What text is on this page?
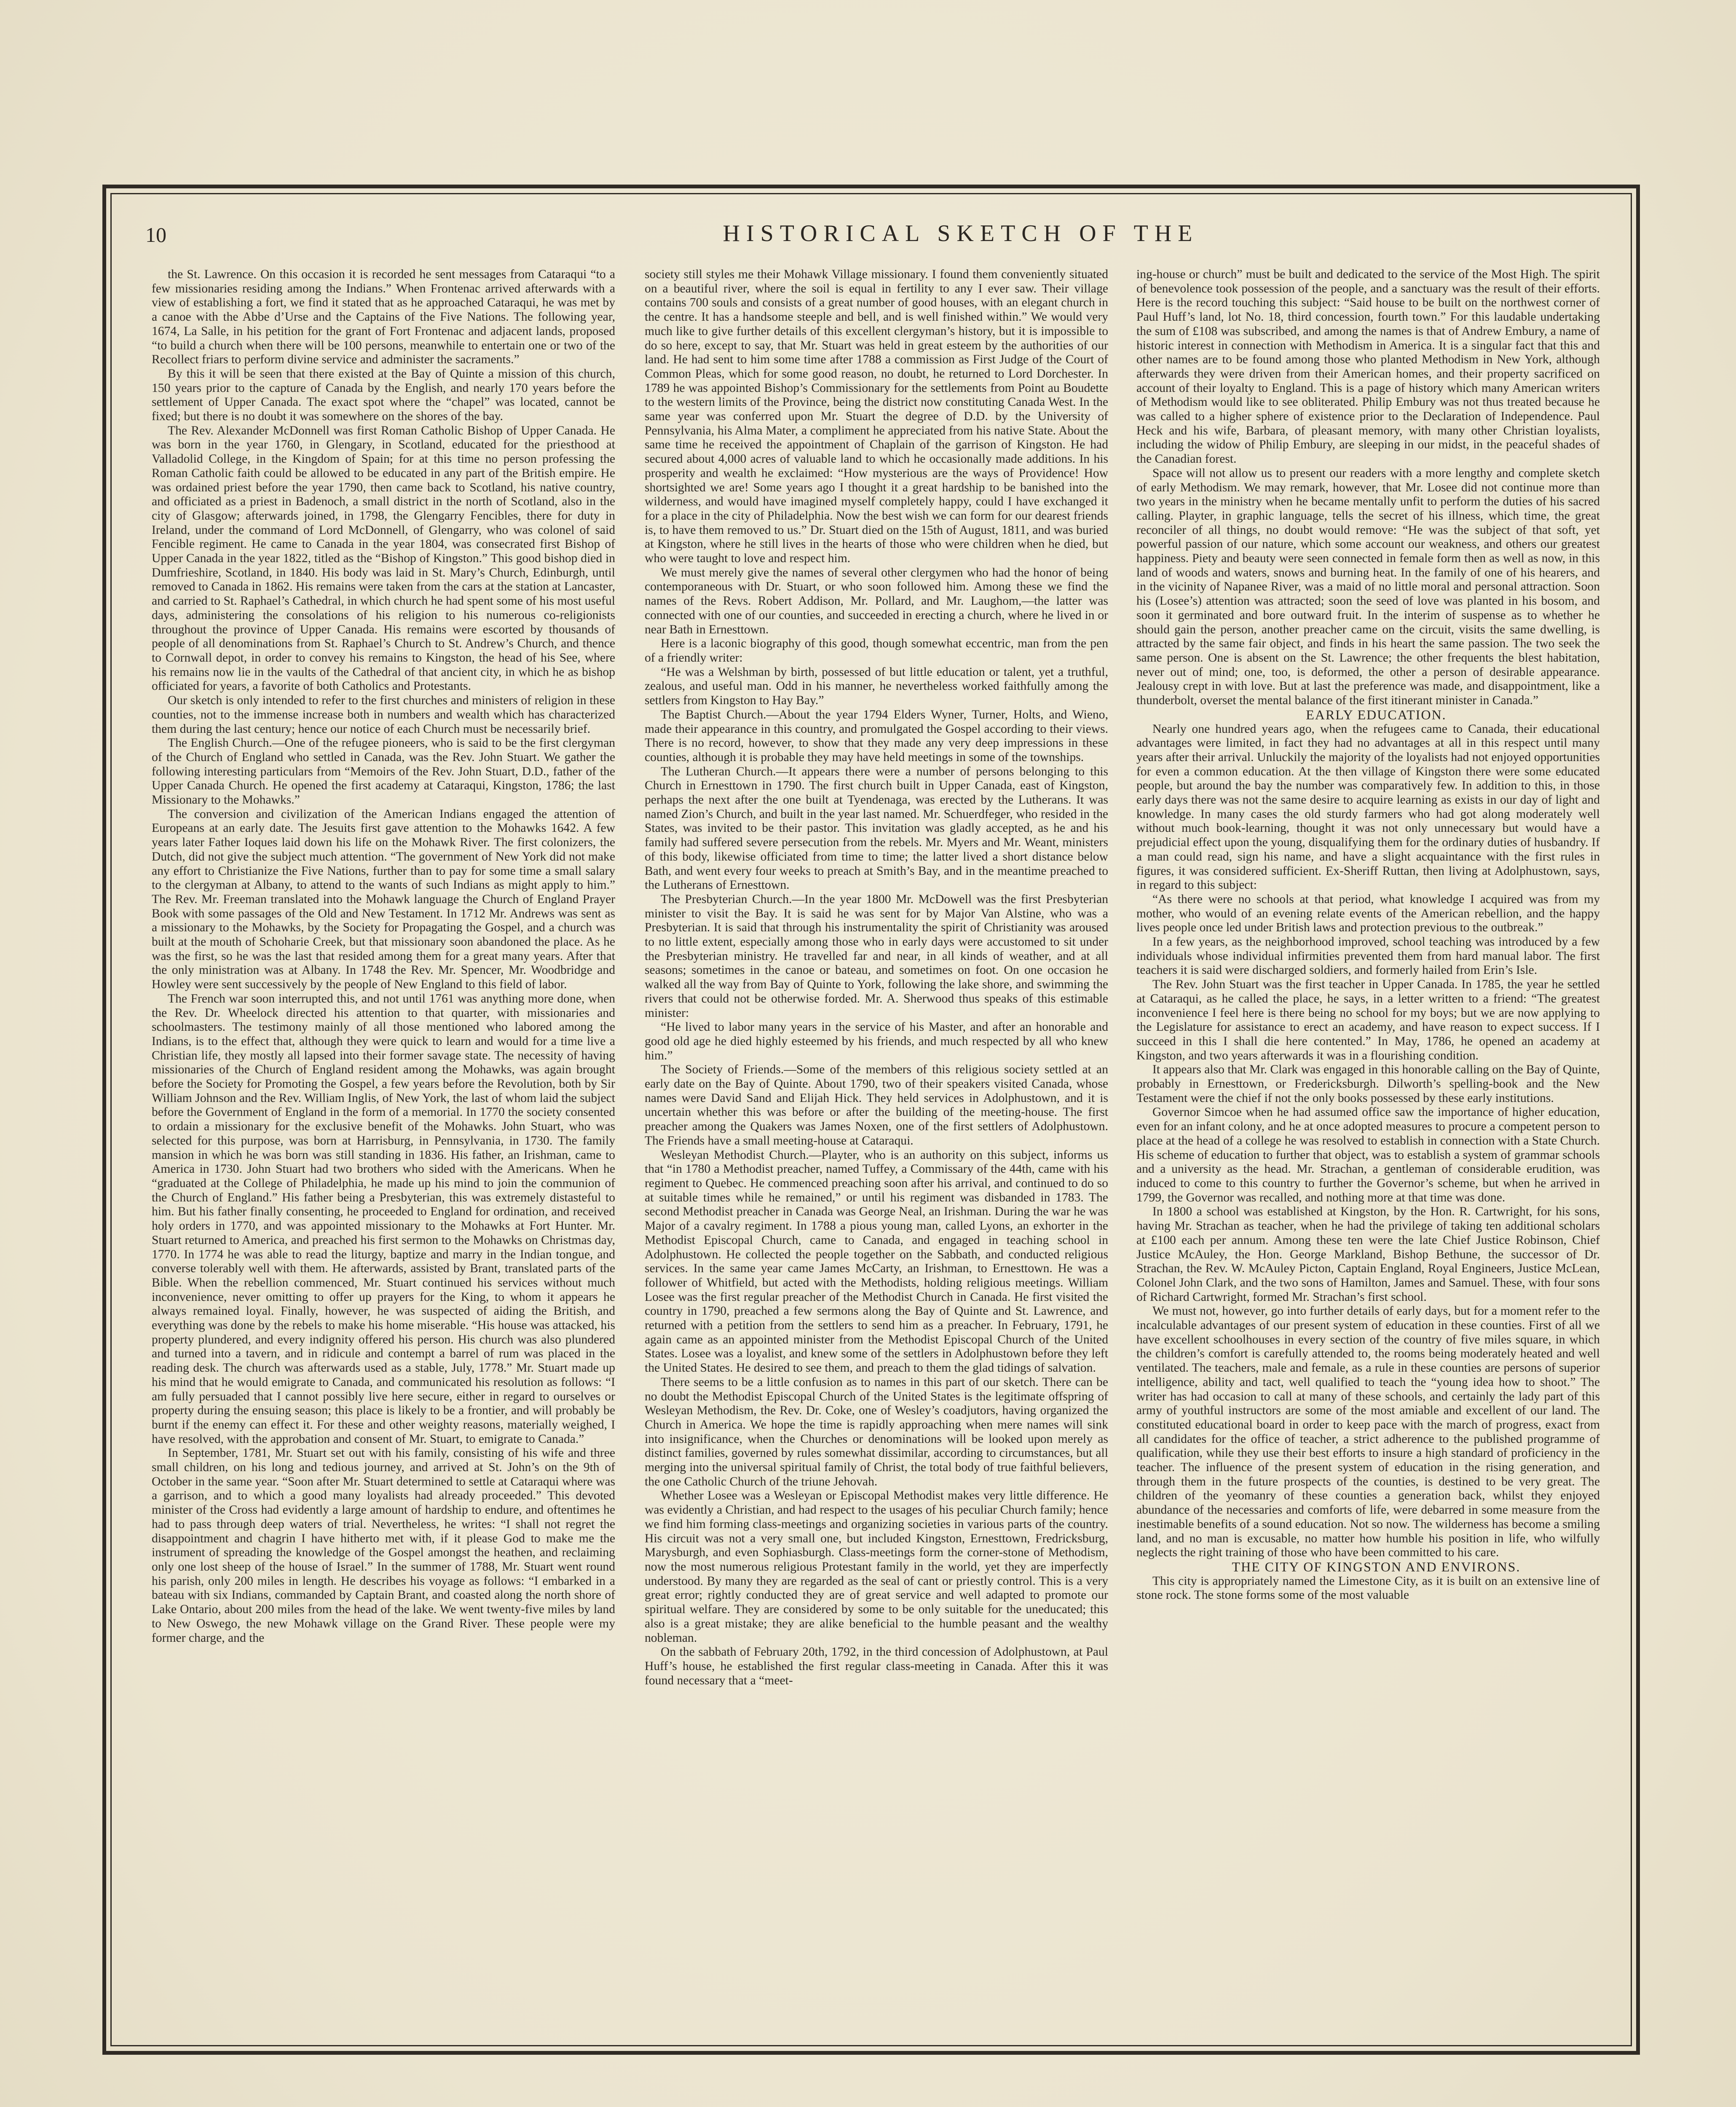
10	HISTORICAL SKETCH OF THE

the St. Lawrence. On this occasion it is recorded he sent messages from Cataraqui “to a few missionaries residing among the Indians.” When Frontenac arrived afterwards with a view of establishing a fort, we find it stated that as he approached Cataraqui, he was met by a canoe with the Abbe d’Urse and the Captains of the Five Nations. The following year, 1674, La Salle, in his petition for the grant of Fort Frontenac and adjacent lands, proposed “to build a church when there will be 100 persons, meanwhile to entertain one or two of the Recollect friars to perform divine service and administer the sacraments.”

By this it will be seen that there existed at the Bay of Quinte a mission of this church, 150 years prior to the capture of Canada by the English, and nearly 170 years before the settlement of Upper Canada. The exact spot where the “chapel” was located, cannot be fixed; but there is no doubt it was somewhere on the shores of the bay.

The Rev. Alexander McDonnell was first Roman Catholic Bishop of Upper Canada. He was born in the year 1760, in Glengary, in Scotland, educated for the priesthood at Valladolid College, in the Kingdom of Spain; for at this time no person professing the Roman Catholic faith could be allowed to be educated in any part of the British empire. He was ordained priest before the year 1790, then came back to Scotland, his native country, and officiated as a priest in Badenoch, a small district in the north of Scotland, also in the city of Glasgow; afterwards joined, in 1798, the Glengarry Fencibles, there for duty in Ireland, under the command of Lord McDonnell, of Glengarry, who was colonel of said Fencible regiment. He came to Canada in the year 1804, was consecrated first Bishop of Upper Canada in the year 1822, titled as the “Bishop of Kingston.” This good bishop died in Dumfrieshire, Scotland, in 1840. His body was laid in St. Mary’s Church, Edinburgh, until removed to Canada in 1862. His remains were taken from the cars at the station at Lancaster, and carried to St. Raphael’s Cathedral, in which church he had spent some of his most useful days, administering the consolations of his religion to his numerous co-religionists throughout the province of Upper Canada. His remains were escorted by thousands of people of all denominations from St. Raphael’s Church to St. Andrew’s Church, and thence to Cornwall depot, in order to convey his remains to Kingston, the head of his See, where his remains now lie in the vaults of the Cathedral of that ancient city, in which he as bishop officiated for years, a favorite of both Catholics and Protestants.

Our sketch is only intended to refer to the first churches and ministers of religion in these counties, not to the immense increase both in numbers and wealth which has characterized them during the last century; hence our notice of each Church must be necessarily brief.

The English Church.—One of the refugee pioneers, who is said to be the first clergyman of the Church of England who settled in Canada, was the Rev. John Stuart. We gather the following interesting particulars from “Memoirs of the Rev. John Stuart, D.D., father of the Upper Canada Church. He opened the first academy at Cataraqui, Kingston, 1786; the last Missionary to the Mohawks.”

The conversion and civilization of the American Indians engaged the attention of Europeans at an early date. The Jesuits first gave attention to the Mohawks 1642. A few years later Father Ioques laid down his life on the Mohawk River. The first colonizers, the Dutch, did not give the subject much attention. “The government of New York did not make any effort to Christianize the Five Nations, further than to pay for some time a small salary to the clergyman at Albany, to attend to the wants of such Indians as might apply to him.” The Rev. Mr. Freeman translated into the Mohawk language the Church of England Prayer Book with some passages of the Old and New Testament. In 1712 Mr. Andrews was sent as a missionary to the Mohawks, by the Society for Propagating the Gospel, and a church was built at the mouth of Schoharie Creek, but that missionary soon abandoned the place. As he was the first, so he was the last that resided among them for a great many years. After that the only ministration was at Albany. In 1748 the Rev. Mr. Spencer, Mr. Woodbridge and Howley were sent successively by the people of New England to this field of labor.

The French war soon interrupted this, and not until 1761 was anything more done, when the Rev. Dr. Wheelock directed his attention to that quarter, with missionaries and schoolmasters. The testimony mainly of all those mentioned who labored among the Indians, is to the effect that, although they were quick to learn and would for a time live a Christian life, they mostly all lapsed into their former savage state. The necessity of having missionaries of the Church of England resident among the Mohawks, was again brought before the Society for Promoting the Gospel, a few years before the Revolution, both by Sir William Johnson and the Rev. William Inglis, of New York, the last of whom laid the subject before the Government of England in the form of a memorial. In 1770 the society consented to ordain a missionary for the exclusive benefit of the Mohawks. John Stuart, who was selected for this purpose, was born at Harrisburg, in Pennsylvania, in 1730. The family mansion in which he was born was still standing in 1836. His father, an Irishman, came to America in 1730. John Stuart had two brothers who sided with the Americans. When he “graduated at the College of Philadelphia, he made up his mind to join the communion of the Church of England.” His father being a Presbyterian, this was extremely distasteful to him. But his father finally consenting, he proceeded to England for ordination, and received holy orders in 1770, and was appointed missionary to the Mohawks at Fort Hunter. Mr. Stuart returned to America, and preached his first sermon to the Mohawks on Christmas day, 1770. In 1774 he was able to read the liturgy, baptize and marry in the Indian tongue, and converse tolerably well with them. He afterwards, assisted by Brant, translated parts of the Bible. When the rebellion commenced, Mr. Stuart continued his services without much inconvenience, never omitting to offer up prayers for the King, to whom it appears he always remained loyal. Finally, however, he was suspected of aiding the British, and everything was done by the rebels to make his home miserable. “His house was attacked, his property plundered, and every indignity offered his person. His church was also plundered and turned into a tavern, and in ridicule and contempt a barrel of rum was placed in the reading desk. The church was afterwards used as a stable, July, 1778.” Mr. Stuart made up his mind that he would emigrate to Canada, and communicated his resolution as follows: “I am fully persuaded that I cannot possibly live here secure, either in regard to ourselves or property during the ensuing season; this place is likely to be a frontier, and will probably be burnt if the enemy can effect it. For these and other weighty reasons, materially weighed, I have resolved, with the approbation and consent of Mr. Stuart, to emigrate to Canada.”

In September, 1781, Mr. Stuart set out with his family, consisting of his wife and three small children, on his long and tedious journey, and arrived at St. John’s on the 9th of October in the same year. “Soon after Mr. Stuart determined to settle at Cataraqui where was a garrison, and to which a good many loyalists had already proceeded.” This devoted minister of the Cross had evidently a large amount of hardship to endure, and oftentimes he had to pass through deep waters of trial. Nevertheless, he writes: “I shall not regret the disappointment and chagrin I have hitherto met with, if it please God to make me the instrument of spreading the knowledge of the Gospel amongst the heathen, and reclaiming only one lost sheep of the house of Israel.” In the summer of 1788, Mr. Stuart went round his parish, only 200 miles in length. He describes his voyage as follows: “I embarked in a bateau with six Indians, commanded by Captain Brant, and coasted along the north shore of Lake Ontario, about 200 miles from the head of the lake. We went twenty-five miles by land to New Oswego, the new Mohawk village on the Grand River. These people were my former charge, and the

society still styles me their Mohawk Village missionary. I found them conveniently situated on a beautiful river, where the soil is equal in fertility to any I ever saw. Their village contains 700 souls and consists of a great number of good houses, with an elegant church in the centre. It has a handsome steeple and bell, and is well finished within.” We would very much like to give further details of this excellent clergyman’s history, but it is impossible to do so here, except to say, that Mr. Stuart was held in great esteem by the authorities of our land. He had sent to him some time after 1788 a commission as First Judge of the Court of Common Pleas, which for some good reason, no doubt, he returned to Lord Dorchester. In 1789 he was appointed Bishop’s Commissionary for the settlements from Point au Boudette to the western limits of the Province, being the district now constituting Canada West. In the same year was conferred upon Mr. Stuart the degree of D.D. by the University of Pennsylvania, his Alma Mater, a compliment he appreciated from his native State. About the same time he received the appointment of Chaplain of the garrison of Kingston. He had secured about 4,000 acres of valuable land to which he occasionally made additions. In his prosperity and wealth he exclaimed: “How mysterious are the ways of Providence! How shortsighted we are! Some years ago I thought it a great hardship to be banished into the wilderness, and would have imagined myself completely happy, could I have exchanged it for a place in the city of Philadelphia. Now the best wish we can form for our dearest friends is, to have them removed to us.” Dr. Stuart died on the 15th of August, 1811, and was buried at Kingston, where he still lives in the hearts of those who were children when he died, but who were taught to love and respect him.

We must merely give the names of several other clergymen who had the honor of being contemporaneous with Dr. Stuart, or who soon followed him. Among these we find the names of the Revs. Robert Addison, Mr. Pollard, and Mr. Laughom,—the latter was connected with one of our counties, and succeeded in erecting a church, where he lived in or near Bath in Ernesttown.

Here is a laconic biography of this good, though somewhat eccentric, man from the pen of a friendly writer:

“He was a Welshman by birth, possessed of but little education or talent, yet a truthful, zealous, and useful man. Odd in his manner, he nevertheless worked faithfully among the settlers from Kingston to Hay Bay.”

The Baptist Church.—About the year 1794 Elders Wyner, Turner, Holts, and Wieno, made their appearance in this country, and promulgated the Gospel according to their views. There is no record, however, to show that they made any very deep impressions in these counties, although it is probable they may have held meetings in some of the townships.

The Lutheran Church.—It appears there were a number of persons belonging to this Church in Ernesttown in 1790. The first church built in Upper Canada, east of Kingston, perhaps the next after the one built at Tyendenaga, was erected by the Lutherans. It was named Zion’s Church, and built in the year last named. Mr. Schuerdfeger, who resided in the States, was invited to be their pastor. This invitation was gladly accepted, as he and his family had suffered severe persecution from the rebels. Mr. Myers and Mr. Weant, ministers of this body, likewise officiated from time to time; the latter lived a short distance below Bath, and went every four weeks to preach at Smith’s Bay, and in the meantime preached to the Lutherans of Ernesttown.

The Presbyterian Church.—In the year 1800 Mr. McDowell was the first Presbyterian minister to visit the Bay. It is said he was sent for by Major Van Alstine, who was a Presbyterian. It is said that through his instrumentality the spirit of Christianity was aroused to no little extent, especially among those who in early days were accustomed to sit under the Presbyterian ministry. He travelled far and near, in all kinds of weather, and at all seasons; sometimes in the canoe or bateau, and sometimes on foot. On one occasion he walked all the way from Bay of Quinte to York, following the lake shore, and swimming the rivers that could not be otherwise forded. Mr. A. Sherwood thus speaks of this estimable minister:

“He lived to labor many years in the service of his Master, and after an honorable and good old age he died highly esteemed by his friends, and much respected by all who knew him.”

The Society of Friends.—Some of the members of this religious society settled at an early date on the Bay of Quinte. About 1790, two of their speakers visited Canada, whose names were David Sand and Elijah Hick. They held services in Adolphustown, and it is uncertain whether this was before or after the building of the meeting-house. The first preacher among the Quakers was James Noxen, one of the first settlers of Adolphustown. The Friends have a small meeting-house at Cataraqui.

Wesleyan Methodist Church.—Playter, who is an authority on this subject, informs us that “in 1780 a Methodist preacher, named Tuffey, a Commissary of the 44th, came with his regiment to Quebec. He commenced preaching soon after his arrival, and continued to do so at suitable times while he remained,” or until his regiment was disbanded in 1783. The second Methodist preacher in Canada was George Neal, an Irishman. During the war he was Major of a cavalry regiment. In 1788 a pious young man, called Lyons, an exhorter in the Methodist Episcopal Church, came to Canada, and engaged in teaching school in Adolphustown. He collected the people together on the Sabbath, and conducted religious services. In the same year came James McCarty, an Irishman, to Ernesttown. He was a follower of Whitfield, but acted with the Methodists, holding religious meetings. William Losee was the first regular preacher of the Methodist Church in Canada. He first visited the country in 1790, preached a few sermons along the Bay of Quinte and St. Lawrence, and returned with a petition from the settlers to send him as a preacher. In February, 1791, he again came as an appointed minister from the Methodist Episcopal Church of the United States. Losee was a loyalist, and knew some of the settlers in Adolphustown before they left the United States. He desired to see them, and preach to them the glad tidings of salvation.

There seems to be a little confusion as to names in this part of our sketch. There can be no doubt the Methodist Episcopal Church of the United States is the legitimate offspring of Wesleyan Methodism, the Rev. Dr. Coke, one of Wesley’s coadjutors, having organized the Church in America. We hope the time is rapidly approaching when mere names will sink into insignificance, when the Churches or denominations will be looked upon merely as distinct families, governed by rules somewhat dissimilar, according to circumstances, but all merging into the universal spiritual family of Christ, the total body of true faithful believers, the one Catholic Church of the triune Jehovah.

Whether Losee was a Wesleyan or Episcopal Methodist makes very little difference. He was evidently a Christian, and had respect to the usages of his peculiar Church family; hence we find him forming class-meetings and organizing societies in various parts of the country. His circuit was not a very small one, but included Kingston, Ernesttown, Fredricksburg, Marysburgh, and even Sophiasburgh. Class-meetings form the corner-stone of Methodism, now the most numerous religious Protestant family in the world, yet they are imperfectly understood. By many they are regarded as the seal of cant or priestly control. This is a very great error; rightly conducted they are of great service and well adapted to promote our spiritual welfare. They are considered by some to be only suitable for the uneducated; this also is a great mistake; they are alike beneficial to the humble peasant and the wealthy nobleman.

On the sabbath of February 20th, 1792, in the third concession of Adolphustown, at Paul Huff’s house, he established the first regular class-meeting in Canada. After this it was found necessary that a “meet-

ing-house or church” must be built and dedicated to the service of the Most High. The spirit of benevolence took possession of the people, and a sanctuary was the result of their efforts. Here is the record touching this subject: “Said house to be built on the northwest corner of Paul Huff’s land, lot No. 18, third concession, fourth town.” For this laudable undertaking the sum of £108 was subscribed, and among the names is that of Andrew Embury, a name of historic interest in connection with Methodism in America. It is a singular fact that this and other names are to be found among those who planted Methodism in New York, although afterwards they were driven from their American homes, and their property sacrificed on account of their loyalty to England. This is a page of history which many American writers of Methodism would like to see obliterated. Philip Embury was not thus treated because he was called to a higher sphere of existence prior to the Declaration of Independence. Paul Heck and his wife, Barbara, of pleasant memory, with many other Christian loyalists, including the widow of Philip Embury, are sleeping in our midst, in the peaceful shades of the Canadian forest.

Space will not allow us to present our readers with a more lengthy and complete sketch of early Methodism. We may remark, however, that Mr. Losee did not continue more than two years in the ministry when he became mentally unfit to perform the duties of his sacred calling. Playter, in graphic language, tells the secret of his illness, which time, the great reconciler of all things, no doubt would remove: “He was the subject of that soft, yet powerful passion of our nature, which some account our weakness, and others our greatest happiness. Piety and beauty were seen connected in female form then as well as now, in this land of woods and waters, snows and burning heat. In the family of one of his hearers, and in the vicinity of Napanee River, was a maid of no little moral and personal attraction. Soon his (Losee’s) attention was attracted; soon the seed of love was planted in his bosom, and soon it germinated and bore outward fruit. In the interim of suspense as to whether he should gain the person, another preacher came on the circuit, visits the same dwelling, is attracted by the same fair object, and finds in his heart the same passion. The two seek the same person. One is absent on the St. Lawrence; the other frequents the blest habitation, never out of mind; one, too, is deformed, the other a person of desirable appearance. Jealousy crept in with love. But at last the preference was made, and disappointment, like a thunderbolt, overset the mental balance of the first itinerant minister in Canada.”

EARLY EDUCATION.

Nearly one hundred years ago, when the refugees came to Canada, their educational advantages were limited, in fact they had no advantages at all in this respect until many years after their arrival. Unluckily the majority of the loyalists had not enjoyed opportunities for even a common education. At the then village of Kingston there were some educated people, but around the bay the number was comparatively few. In addition to this, in those early days there was not the same desire to acquire learning as exists in our day of light and knowledge. In many cases the old sturdy farmers who had got along moderately well without much book-learning, thought it was not only unnecessary but would have a prejudicial effect upon the young, disqualifying them for the ordinary duties of husbandry. If a man could read, sign his name, and have a slight acquaintance with the first rules in figures, it was considered sufficient. Ex-Sheriff Ruttan, then living at Adolphustown, says, in regard to this subject:

“As there were no schools at that period, what knowledge I acquired was from my mother, who would of an evening relate events of the American rebellion, and the happy lives people once led under British laws and protection previous to the outbreak.”

In a few years, as the neighborhood improved, school teaching was introduced by a few individuals whose individual infirmities prevented them from hard manual labor. The first teachers it is said were discharged soldiers, and formerly hailed from Erin’s Isle.

The Rev. John Stuart was the first teacher in Upper Canada. In 1785, the year he settled at Cataraqui, as he called the place, he says, in a letter written to a friend: “The greatest inconvenience I feel here is there being no school for my boys; but we are now applying to the Legislature for assistance to erect an academy, and have reason to expect success. If I succeed in this I shall die here contented.” In May, 1786, he opened an academy at Kingston, and two years afterwards it was in a flourishing condition.

It appears also that Mr. Clark was engaged in this honorable calling on the Bay of Quinte, probably in Ernesttown, or Fredericksburgh. Dilworth’s spelling-book and the New Testament were the chief if not the only books possessed by these early institutions.

Governor Simcoe when he had assumed office saw the importance of higher education, even for an infant colony, and he at once adopted measures to procure a competent person to place at the head of a college he was resolved to establish in connection with a State Church. His scheme of education to further that object, was to establish a system of grammar schools and a university as the head. Mr. Strachan, a gentleman of considerable erudition, was induced to come to this country to further the Governor’s scheme, but when he arrived in 1799, the Governor was recalled, and nothing more at that time was done.

In 1800 a school was established at Kingston, by the Hon. R. Cartwright, for his sons, having Mr. Strachan as teacher, when he had the privilege of taking ten additional scholars at £100 each per annum. Among these ten were the late Chief Justice Robinson, Chief Justice McAuley, the Hon. George Markland, Bishop Bethune, the successor of Dr. Strachan, the Rev. W. McAuley Picton, Captain England, Royal Engineers, Justice McLean, Colonel John Clark, and the two sons of Hamilton, James and Samuel. These, with four sons of Richard Cartwright, formed Mr. Strachan’s first school.

We must not, however, go into further details of early days, but for a moment refer to the incalculable advantages of our present system of education in these counties. First of all we have excellent schoolhouses in every section of the country of five miles square, in which the children’s comfort is carefully attended to, the rooms being moderately heated and well ventilated. The teachers, male and female, as a rule in these counties are persons of superior intelligence, ability and tact, well qualified to teach the “young idea how to shoot.” The writer has had occasion to call at many of these schools, and certainly the lady part of this army of youthful instructors are some of the most amiable and excellent of our land. The constituted educational board in order to keep pace with the march of progress, exact from all candidates for the office of teacher, a strict adherence to the published programme of qualification, while they use their best efforts to insure a high standard of proficiency in the teacher. The influence of the present system of education in the rising generation, and through them in the future prospects of the counties, is destined to be very great. The children of the yeomanry of these counties a generation back, whilst they enjoyed abundance of the necessaries and comforts of life, were debarred in some measure from the inestimable benefits of a sound education. Not so now. The wilderness has become a smiling land, and no man is excusable, no matter how humble his position in life, who wilfully neglects the right training of those who have been committed to his care.

THE CITY OF KINGSTON AND ENVIRONS.

This city is appropriately named the Limestone City, as it is built on an extensive line of stone rock. The stone forms some of the most valuable
